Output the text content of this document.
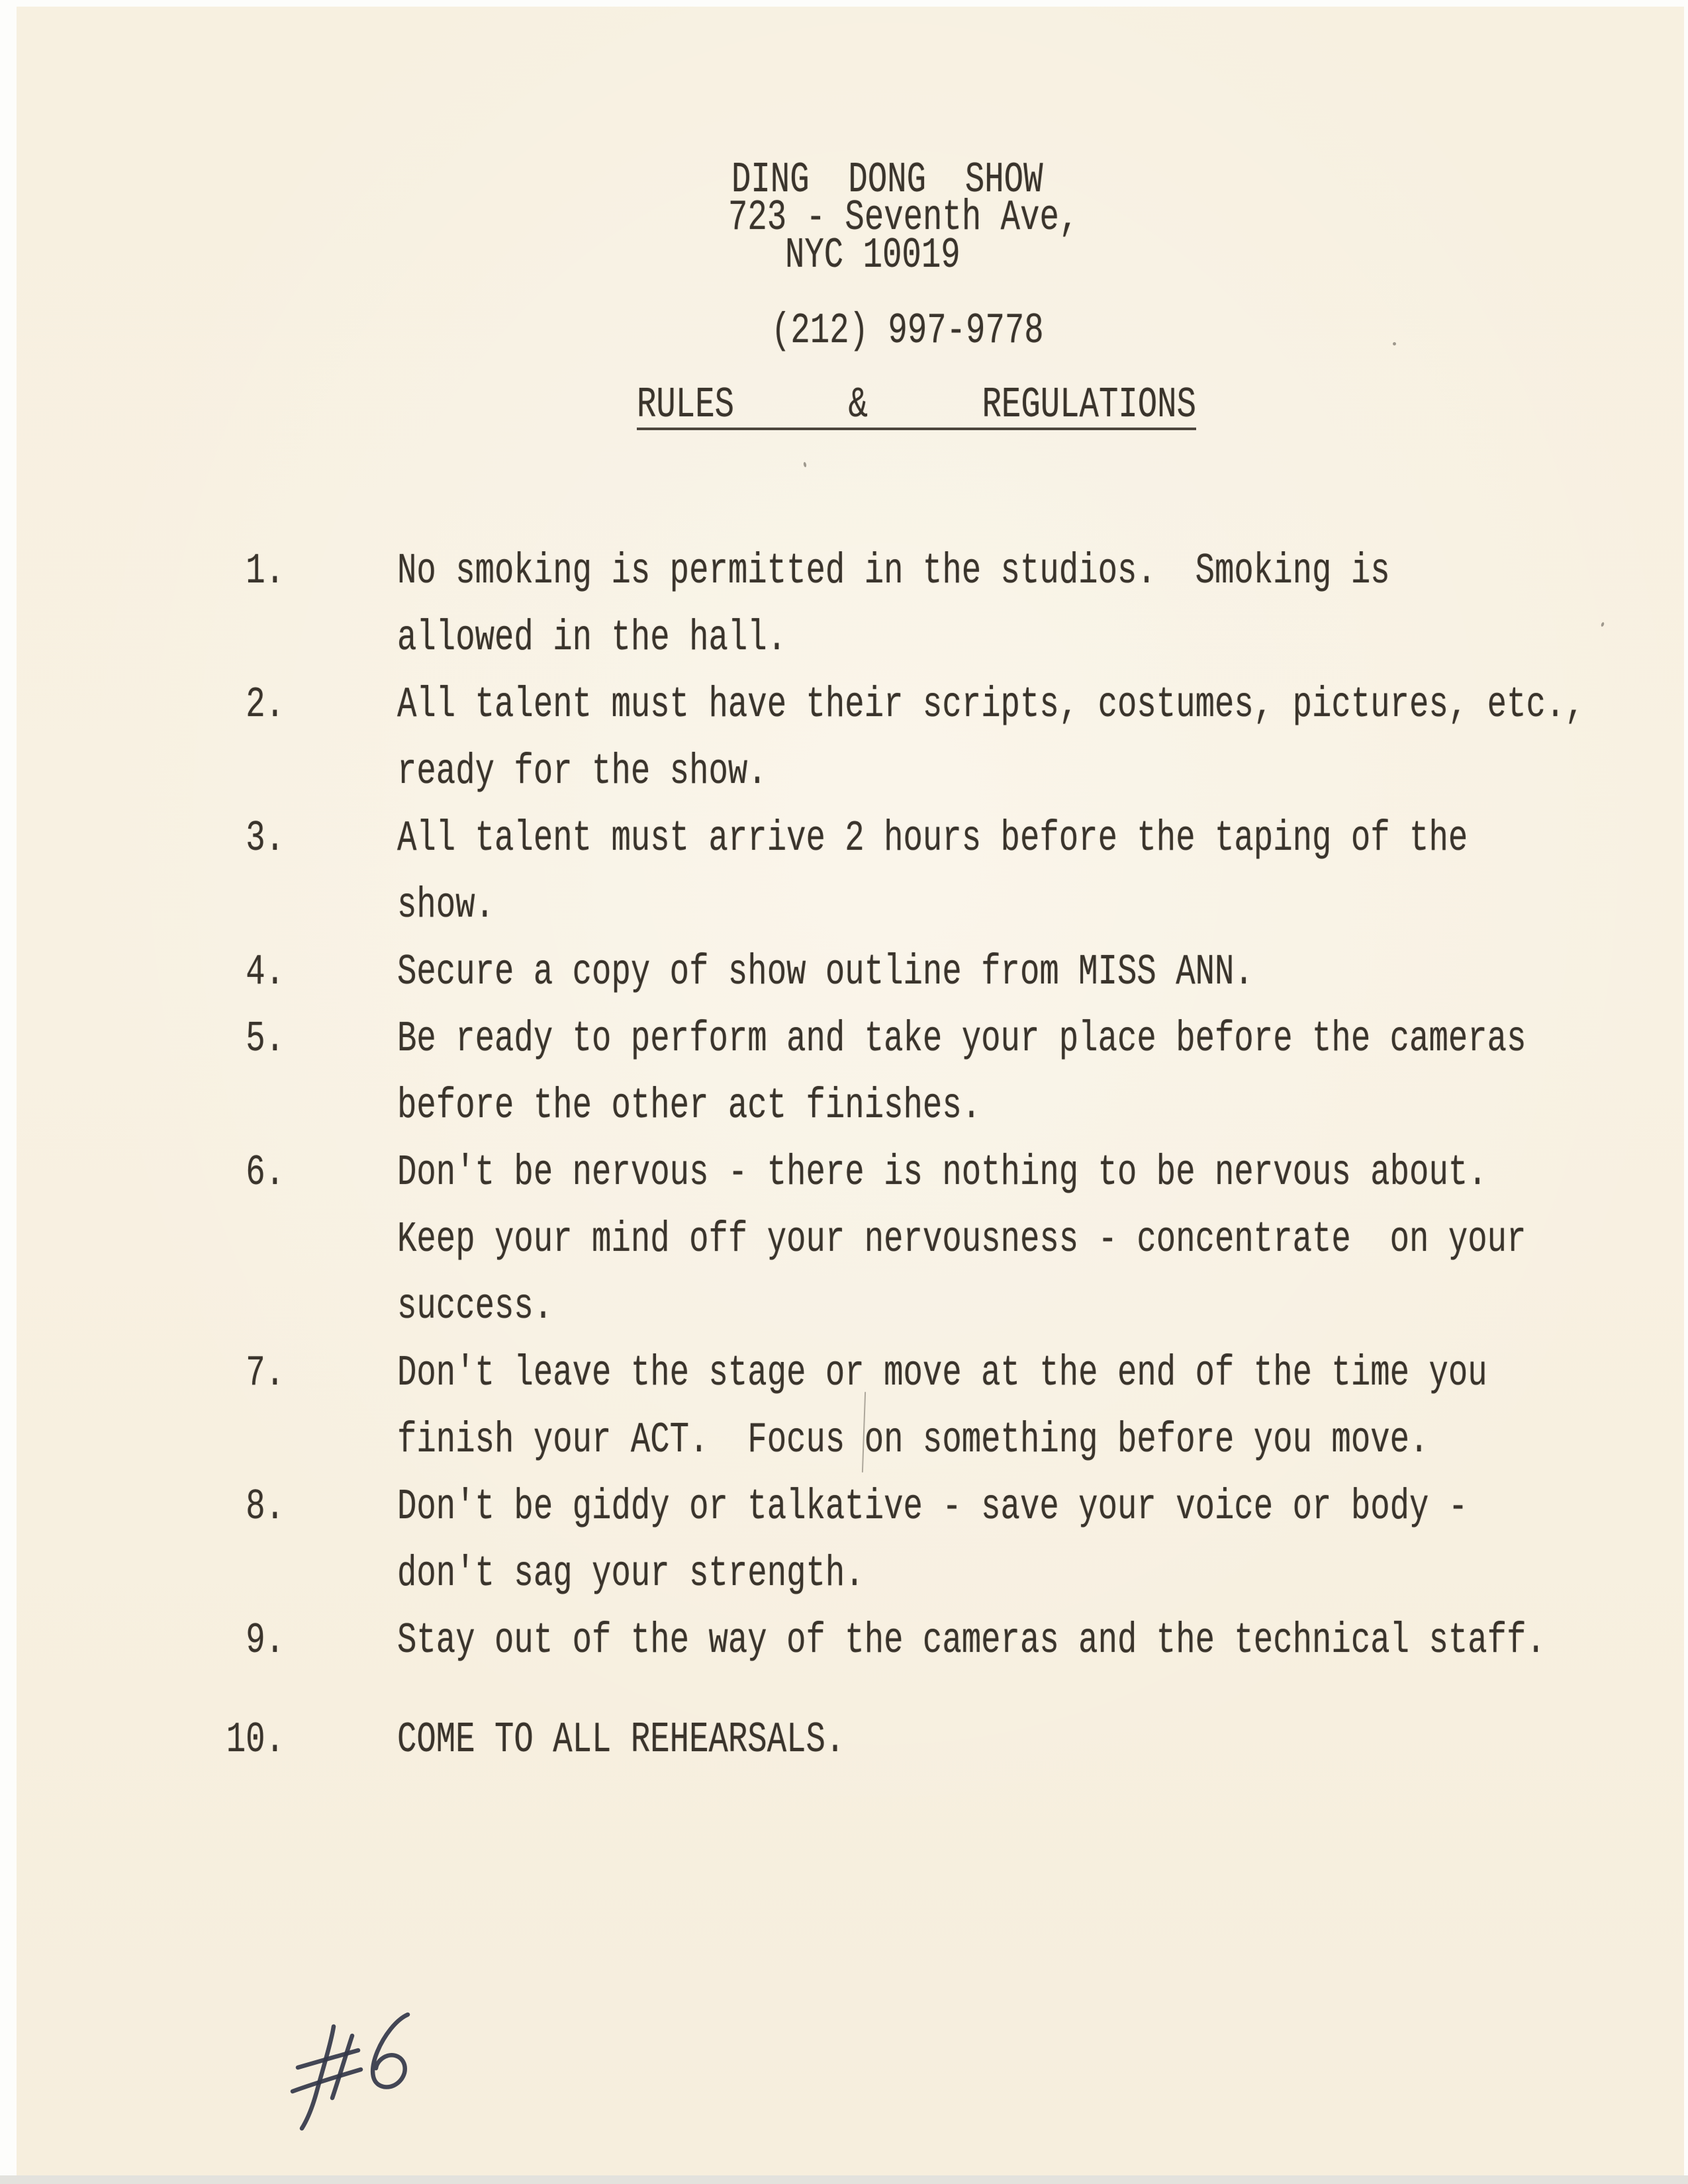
DING  DONG  SHOW
723 - Seventh Ave,
NYC 10019
(212) 997-9778
RULES	&	REGULATIONS
1.	No smoking is permitted in the studios.  Smoking is
allowed in the hall.
2.	All talent must have their scripts, costumes, pictures, etc.,
ready for the show.
3.	All talent must arrive 2 hours before the taping of the
show.
4.	Secure a copy of show outline from MISS ANN.
5.	Be ready to perform and take your place before the cameras
before the other act finishes.
6.	Don't be nervous - there is nothing to be nervous about.
Keep your mind off your nervousness - concentrate  on your
success.
7.	Don't leave the stage or move at the end of the time you
finish your ACT.  Focus on something before you move.
8.	Don't be giddy or talkative - save your voice or body -
don't sag your strength.
9.	Stay out of the way of the cameras and the technical staff.
10.	COME TO ALL REHEARSALS.
